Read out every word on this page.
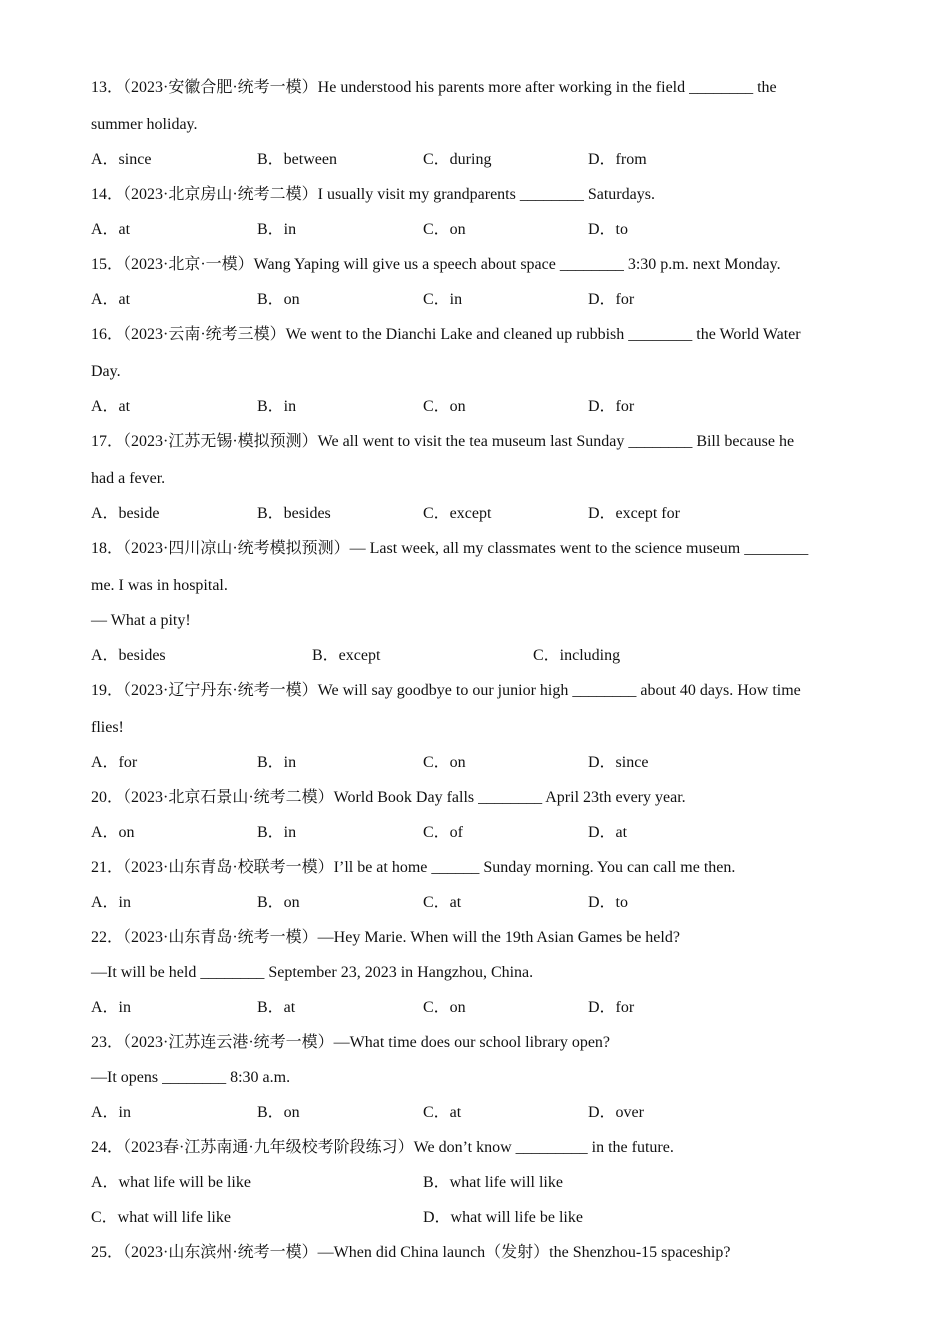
13．（2023·安徽合肥·统考一模）He understood his parents more after working in the field ________ the
summer holiday.
A．since	B．between	C．during	D．from
14．（2023·北京房山·统考二模）I usually visit my grandparents ________ Saturdays.
A．at	B．in	C．on	D．to
15．（2023·北京·一模）Wang Yaping will give us a speech about space ________ 3:30 p.m. next Monday.
A．at	B．on	C．in	D．for
16．（2023·云南·统考三模）We went to the Dianchi Lake and cleaned up rubbish ________ the World Water
Day.
A．at	B．in	C．on	D．for
17．（2023·江苏无锡·模拟预测）We all went to visit the tea museum last Sunday ________ Bill because he
had a fever.
A．beside	B．besides	C．except	D．except for
18．（2023·四川凉山·统考模拟预测）— Last week, all my classmates went to the science museum ________
me. I was in hospital.
— What a pity!
A．besides	B．except	C．including
19．（2023·辽宁丹东·统考一模）We will say goodbye to our junior high ________ about 40 days. How time
flies!
A．for	B．in	C．on	D．since
20．（2023·北京石景山·统考二模）World Book Day falls ________ April 23th every year.
A．on	B．in	C．of	D．at
21．（2023·山东青岛·校联考一模）I’ll be at home ______ Sunday morning. You can call me then.
A．in	B．on	C．at	D．to
22．（2023·山东青岛·统考一模）—Hey Marie. When will the 19th Asian Games be held?
—It will be held ________ September 23, 2023 in Hangzhou, China.
A．in	B．at	C．on	D．for
23．（2023·江苏连云港·统考一模）—What time does our school library open?
—It opens ________ 8:30 a.m.
A．in	B．on	C．at	D．over
24．（2023春·江苏南通·九年级校考阶段练习）We don’t know _________ in the future.
A．what life will be like	B．what life will like
C．what will life like	D．what will life be like
25．（2023·山东滨州·统考一模）—When did China launch（发射）the Shenzhou-15 spaceship?
